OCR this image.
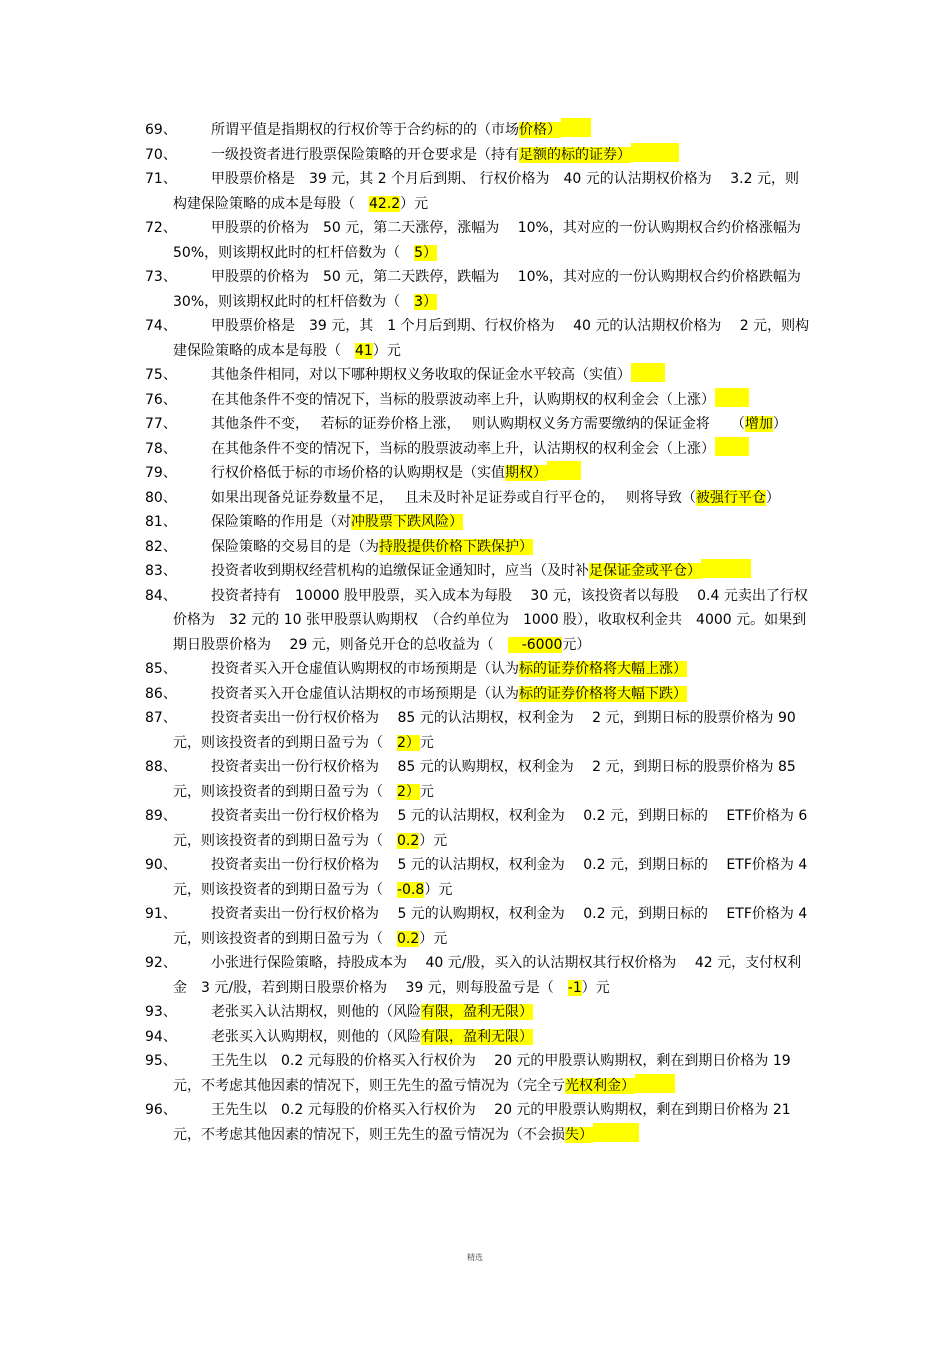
69、	所谓平值是指期权的行权价等于合约标的的（市场价格）
70、	一级投资者进行股票保险策略的开仓要求是（持有足额的标的证券）
71、	甲股票价格是　39 元，其 2 个月后到期、 行权价格为　40 元的认沽期权价格为　 3.2 元，则构建保险策略的成本是每股（　42.2）元
72、	甲股票的价格为　50 元，第二天涨停，涨幅为　 10%，其对应的一份认购期权合约价格涨幅为　50%，则该期权此时的杠杆倍数为（　5）
73、	甲股票的价格为　50 元，第二天跌停，跌幅为　 10%，其对应的一份认购期权合约价格跌幅为　30%，则该期权此时的杠杆倍数为（　3）
74、	甲股票价格是　39 元，其　1 个月后到期、行权价格为　 40 元的认沽期权价格为　 2 元，则构建保险策略的成本是每股（　41）元
75、	其他条件相同，对以下哪种期权义务收取的保证金水平较高（实值）
76、	在其他条件不变的情况下，当标的股票波动率上升，认购期权的权利金会（上涨）
77、	其他条件不变，　 若标的证券价格上涨，　 则认购期权义务方需要缴纳的保证金将　　（增加）
78、	在其他条件不变的情况下，当标的股票波动率上升，认沽期权的权利金会（上涨）
79、	行权价格低于标的市场价格的认购期权是（实值期权）
80、	如果出现备兑证券数量不足，　 且未及时补足证券或自行平仓的，　 则将导致（被强行平仓）
81、	保险策略的作用是（对冲股票下跌风险）
82、	保险策略的交易目的是（为持股提供价格下跌保护）
83、	投资者收到期权经营机构的追缴保证金通知时，应当（及时补足保证金或平仓）
84、	投资者持有　10000 股甲股票，买入成本为每股　 30 元，该投资者以每股　 0.4 元卖出了行权价格为　32 元的 10 张甲股票认购期权　（合约单位为　1000 股），收取权利金共　4000 元。如果到期日股票价格为　 29 元，则备兑开仓的总收益为（　　-6000元）
85、	投资者买入开仓虚值认购期权的市场预期是（认为标的证券价格将大幅上涨）
86、	投资者买入开仓虚值认沽期权的市场预期是（认为标的证券价格将大幅下跌）
87、	投资者卖出一份行权价格为　 85 元的认沽期权，权利金为　 2 元，到期日标的股票价格为 90 元，则该投资者的到期日盈亏为（　2）元
88、	投资者卖出一份行权价格为　 85 元的认购期权，权利金为　 2 元，到期日标的股票价格为 85 元，则该投资者的到期日盈亏为（　2）元
89、	投资者卖出一份行权价格为　 5 元的认沽期权，权利金为　 0.2 元，到期日标的　 ETF价格为 6 元，则该投资者的到期日盈亏为（　0.2）元
90、	投资者卖出一份行权价格为　 5 元的认沽期权，权利金为　 0.2 元，到期日标的　 ETF价格为 4 元，则该投资者的到期日盈亏为（　-0.8）元
91、	投资者卖出一份行权价格为　 5 元的认购期权，权利金为　 0.2 元，到期日标的　 ETF价格为 4 元，则该投资者的到期日盈亏为（　0.2）元
92、	小张进行保险策略，持股成本为　 40 元/股，买入的认沽期权其行权价格为　 42 元，支付权利金　3 元/股，若到期日股票价格为　 39 元，则每股盈亏是（　-1）元
93、	老张买入认沽期权，则他的（风险有限，盈利无限）
94、	老张买入认购期权，则他的（风险有限，盈利无限）
95、	王先生以　0.2 元每股的价格买入行权价为　 20 元的甲股票认购期权，剩在到期日价格为 19 元，不考虑其他因素的情况下，则王先生的盈亏情况为（完全亏光权利金）
96、	王先生以　0.2 元每股的价格买入行权价为　 20 元的甲股票认购期权，剩在到期日价格为 21 元，不考虑其他因素的情况下，则王先生的盈亏情况为（不会损失）
精选
